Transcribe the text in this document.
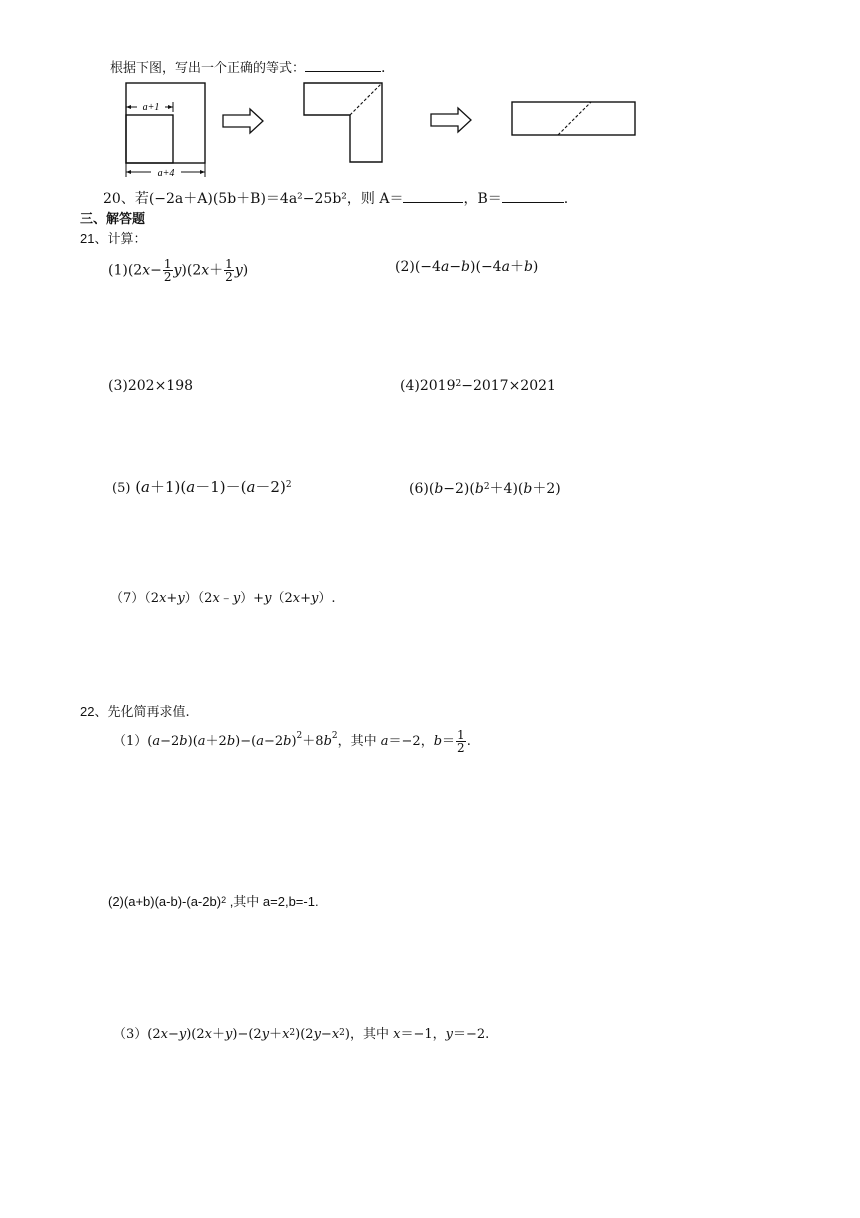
根据下图，写出一个正确的等式：	.
a+1
a+4
20、若(−2a＋A)(5b＋B)＝4a²−25b²，则 A＝	，B＝	.
三、解答题
21、计算：
$(1)(2x- \frac{1}{2} y)(2x+ \frac{1}{2} y)$	(2)(−4a−b)(−4a＋b)
(3)202×198	$(4)2019^2-2017\times 2021$
(5) $(a+1)(a-1)-(a-2)^2$	$(6)(b-2)(b^2+4)(b+2)$
（7）（2x+y）（2x﹣y）+y（2x+y）.
22、先化简再求值.
$(1)(a-2b)(a+2b)-(a-2b)^2+8b^2$，其中 a＝−2，$b= \frac{1}{2}$ .
$(2)(a+b)(a-b)-(a-2b)^2$ ,其中 a=2,b=-1.
$(3)(2x-y)(2x+y)-(2y+x^2)(2y-x^2)$，其中 x＝−1，y＝−2.
